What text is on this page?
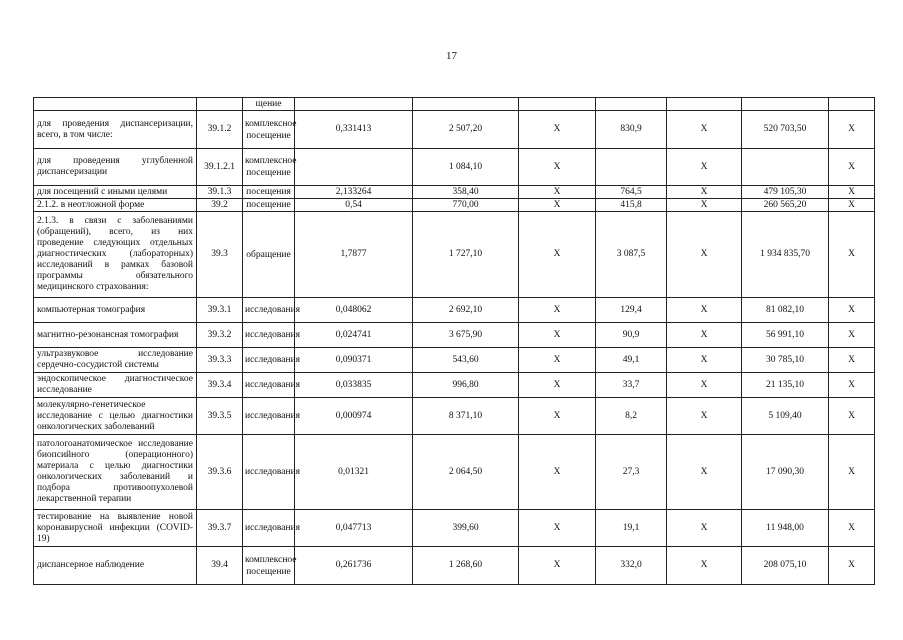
17
		щение							
для проведения диспансеризации, всего, в том числе:	39.1.2	комплексное посещение	0,331413	2 507,20	X	830,9	X	520 703,50	X
для проведения углубленной диспансеризации	39.1.2.1	комплексное посещение		1 084,10	X		X		X
для посещений с иными целями	39.1.3	посещения	2,133264	358,40	X	764,5	X	479 105,30	X
2.1.2. в неотложной форме	39.2	посещение	0,54	770,00	X	415,8	X	260 565,20	X
2.1.3. в связи с заболеваниями (обращений), всего, из них проведение следующих отдельных диагностических (лабораторных) исследований в рамках базовой программы обязательного медицинского страхования:	39.3	обращение	1,7877	1 727,10	X	3 087,5	X	1 934 835,70	X
компьютерная томография	39.3.1	исследования	0,048062	2 692,10	X	129,4	X	81 082,10	X
магнитно-резонансная томография	39.3.2	исследования	0,024741	3 675,90	X	90,9	X	56 991,10	X
ультразвуковое исследование сердечно-сосудистой системы	39.3.3	исследования	0,090371	543,60	X	49,1	X	30 785,10	X
эндоскопическое диагностическое исследование	39.3.4	исследования	0,033835	996,80	X	33,7	X	21 135,10	X
молекулярно-генетическое исследование с целью диагностики онкологических заболеваний	39.3.5	исследования	0,000974	8 371,10	X	8,2	X	5 109,40	X
патологоанатомическое исследование биопсийного (операционного) материала с целью диагностики онкологических заболеваний и подбора противоопухолевой лекарственной терапии	39.3.6	исследования	0,01321	2 064,50	X	27,3	X	17 090,30	X
тестирование на выявление новой коронавирусной инфекции (COVID-19)	39.3.7	исследования	0,047713	399,60	X	19,1	X	11 948,00	X
диспансерное наблюдение	39.4	комплексное посещение	0,261736	1 268,60	X	332,0	X	208 075,10	X
